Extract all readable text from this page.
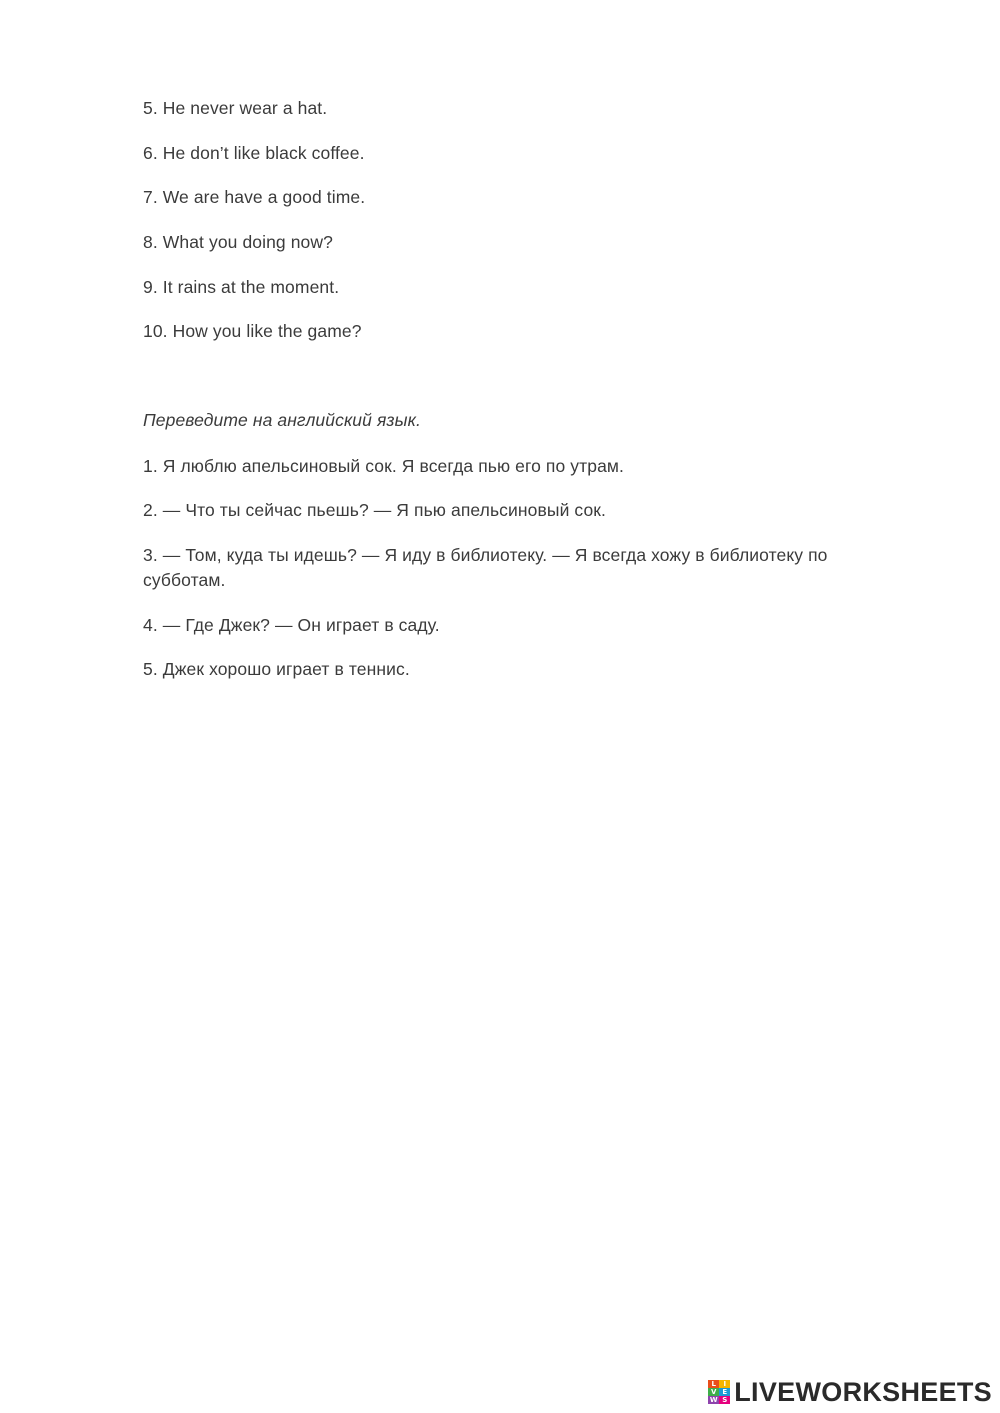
5. He never wear a hat.
6. He don’t like black coffee.
7. We are have a good time.
8. What you doing now?
9. It rains at the moment.
10. How you like the game?
Переведите на английский язык.
1. Я люблю апельсиновый сок. Я всегда пью его по утрам.
2. — Что ты сейчас пьешь? — Я пью апельсиновый сок.
3. — Том, куда ты идешь? — Я иду в библиотеку. — Я всегда хожу в библиотеку по субботам.
4. — Где Джек? — Он играет в саду.
5. Джек хорошо играет в теннис.
L	I
V E
W S LIVEWORKSHEETS
